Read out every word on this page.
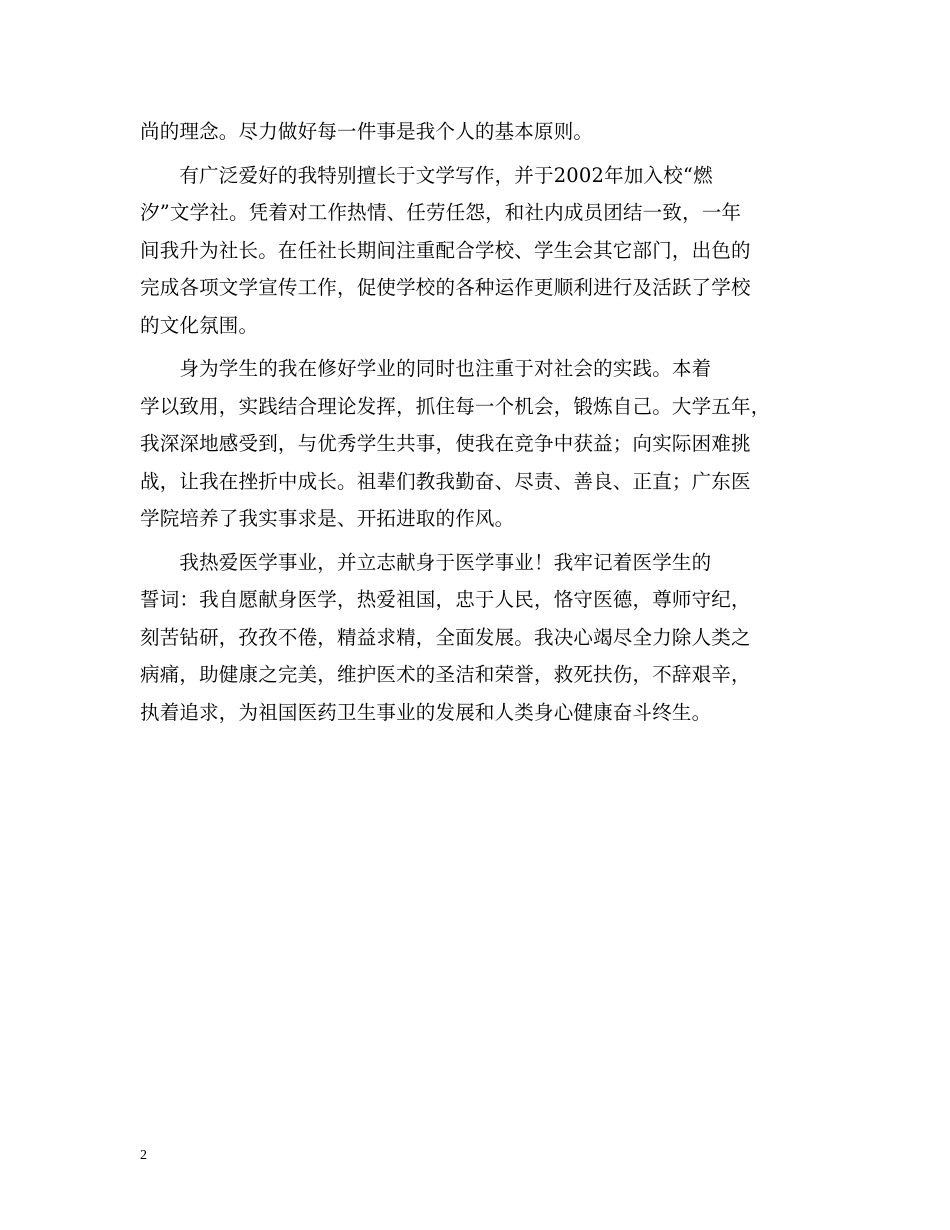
尚的理念。尽力做好每一件事是我个人的基本原则。
　　有广泛爱好的我特别擅长于文学写作，并于2002年加入校“燃
汐”文学社。凭着对工作热情、任劳任怨，和社内成员团结一致，一年
间我升为社长。在任社长期间注重配合学校、学生会其它部门，出色的
完成各项文学宣传工作，促使学校的各种运作更顺利进行及活跃了学校
的文化氛围。
　　身为学生的我在修好学业的同时也注重于对社会的实践。本着
学以致用，实践结合理论发挥，抓住每一个机会，锻炼自己。大学五年，
我深深地感受到，与优秀学生共事，使我在竞争中获益；向实际困难挑
战，让我在挫折中成长。祖辈们教我勤奋、尽责、善良、正直；广东医
学院培养了我实事求是、开拓进取的作风。
　　我热爱医学事业，并立志献身于医学事业！我牢记着医学生的
誓词：我自愿献身医学，热爱祖国，忠于人民，恪守医德，尊师守纪，
刻苦钻研，孜孜不倦，精益求精，全面发展。我决心竭尽全力除人类之
病痛，助健康之完美，维护医术的圣洁和荣誉，救死扶伤，不辞艰辛，
执着追求，为祖国医药卫生事业的发展和人类身心健康奋斗终生。
2
